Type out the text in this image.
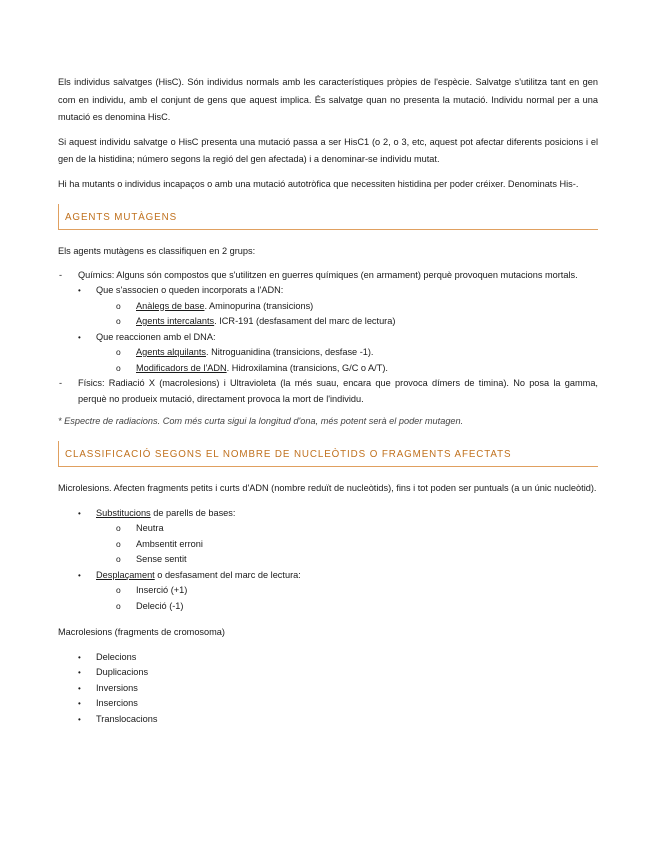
Els individus salvatges (HisC). Són individus normals amb les característiques pròpies de l'espècie. Salvatge s'utilitza tant en gen com en individu, amb el conjunt de gens que aquest implica. És salvatge quan no presenta la mutació. Individu normal per a una mutació es denomina HisC.

Si aquest individu salvatge o HisC presenta una mutació passa a ser HisC1 (o 2, o 3, etc, aquest pot afectar diferents posicions i el gen de la histidina; número segons la regió del gen afectada) i a denominar-se individu mutat.

Hi ha mutants o individus incapaços o amb una mutació autotròfica que necessiten histidina per poder créixer. Denominats His-.

AGENTS MUTÀGENS

Els agents mutàgens es classifiquen en 2 grups:

- Químics: Alguns són compostos que s'utilitzen en guerres químiques (en armament) perquè provoquen mutacions mortals.

• Que s'associen o queden incorporats a l'ADN:
o Anàlegs de base. Aminopurina (transicions)
o Agents intercalants. ICR-191 (desfasament del marc de lectura)
• Que reaccionen amb el DNA:
o Agents alquilants. Nitroguanidina (transicions, desfase -1).
o Modificadors de l'ADN. Hidroxilamina (transicions, G/C o A/T).
- Físics: Radiació X (macrolesions) i Ultravioleta (la més suau, encara que provoca dímers de timina). No posa la gamma, perquè no produeix mutació, directament provoca la mort de l'individu.

* Espectre de radiacions. Com més curta sigui la longitud d'ona, més potent serà el poder mutagen.

CLASSIFICACIÓ SEGONS EL NOMBRE DE NUCLEÒTIDS O FRAGMENTS AFECTATS

Microlesions. Afecten fragments petits i curts d'ADN (nombre reduït de nucleòtids), fins i tot poden ser puntuals (a un únic nucleòtid).

• Substitucions de parells de bases:
o Neutra
o Ambsentit erroni
o Sense sentit
• Desplaçament o desfasament del marc de lectura:
o Inserció (+1)
o Deleció (-1)

Macrolesions (fragments de cromosoma)

• Delecions
• Duplicacions
• Inversions
• Insercions
• Translocacions
